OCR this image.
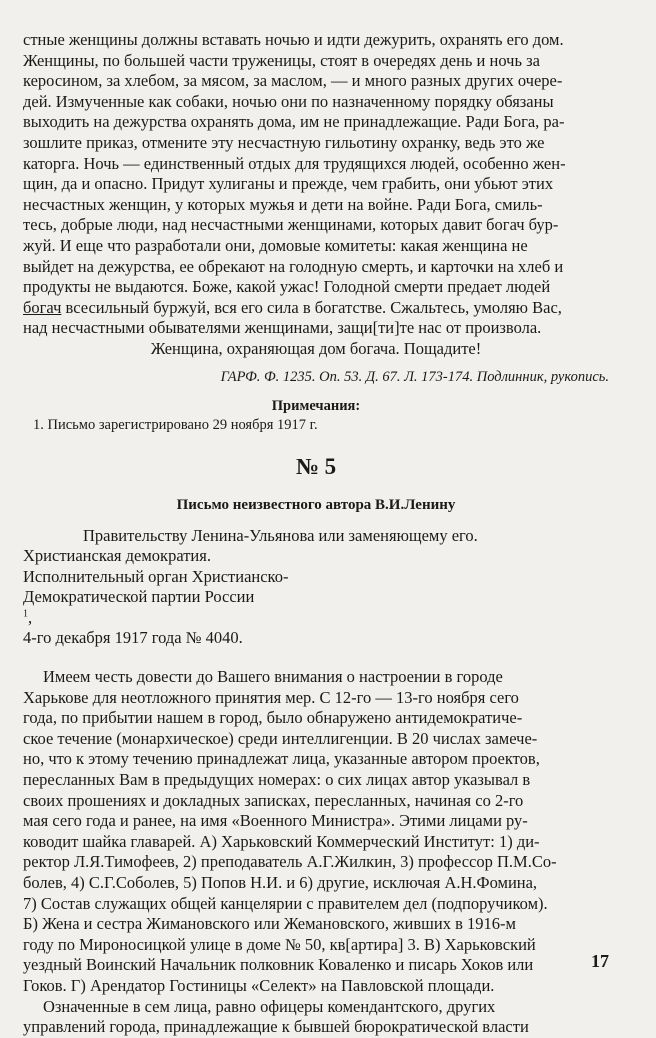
стные женщины должны вставать ночью и идти дежурить, охранять его дом.
Женщины, по большей части труженицы, стоят в очередях день и ночь за
керосином, за хлебом, за мясом, за маслом, — и много разных других очере-
дей. Измученные как собаки, ночью они по назначенному порядку обязаны
выходить на дежурства охранять дома, им не принадлежащие. Ради Бога, ра-
зошлите приказ, отмените эту несчастную гильотину охранку, ведь это же
каторга. Ночь — единственный отдых для трудящихся людей, особенно жен-
щин, да и опасно. Придут хулиганы и прежде, чем грабить, они убьют этих
несчастных женщин, у которых мужья и дети на войне. Ради Бога, смиль-
тесь, добрые люди, над несчастными женщинами, которых давит богач бур-
жуй. И еще что разработали они, домовые комитеты: какая женщина не
выйдет на дежурства, ее обрекают на голодную смерть, и карточки на хлеб и
продукты не выдаются. Боже, какой ужас! Голодной смерти предает людей
богач всесильный буржуй, вся его сила в богатстве. Сжальтесь, умоляю Вас,
над несчастными обывателями женщинами, защи[ти]те нас от произвола.
Женщина, охраняющая дом богача. Пощадите!
ГАРФ. Ф. 1235. Оп. 53. Д. 67. Л. 173-174. Подлинник, рукопись.
Примечания:
1. Письмо зарегистрировано 29 ноября 1917 г.
№ 5
Письмо неизвестного автора В.И.Ленину
Правительству Ленина-Ульянова или заменяющему его.
Христианская демократия.
Исполнительный орган Христианско-
Демократической партии России
$^1$,
4-го декабря 1917 года № 4040.
Имеем честь довести до Вашего внимания о настроении в городе
Харькове для неотложного принятия мер. С 12-го — 13-го ноября сего
года, по прибытии нашем в город, было обнаружено антидемократиче-
ское течение (монархическое) среди интеллигенции. В 20 числах замече-
но, что к этому течению принадлежат лица, указанные автором проектов,
пересланных Вам в предыдущих номерах: о сих лицах автор указывал в
своих прошениях и докладных записках, пересланных, начиная со 2-го
мая сего года и ранее, на имя «Военного Министра». Этими лицами ру-
ководит шайка главарей. А) Харьковский Коммерческий Институт: 1) ди-
ректор Л.Я.Тимофеев, 2) преподаватель А.Г.Жилкин, 3) профессор П.М.Со-
болев, 4) С.Г.Соболев, 5) Попов Н.И. и 6) другие, исключая А.Н.Фомина,
7) Состав служащих общей канцелярии с правителем дел (подпоручиком).
Б) Жена и сестра Жимановского или Жемановского, живших в 1916-м
году по Мироносицкой улице в доме № 50, кв[артира] 3. В) Харьковский
уездный Воинский Начальник полковник Коваленко и писарь Хоков или
Гоков. Г) Арендатор Гостиницы «Селект» на Павловской площади.
Означенные в сем лица, равно офицеры комендантского, других
управлений города, принадлежащие к бывшей бюрократической власти
17
